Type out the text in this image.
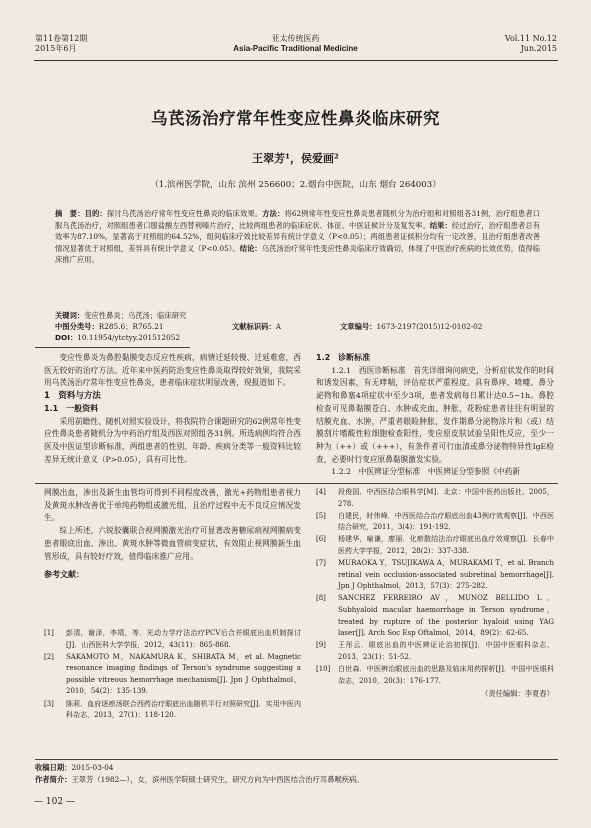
第11卷第12期
2015年6月
亚太传统医药
Asia-Pacific Traditional Medicine
Vol.11 No.12
Jun.2015
乌芪汤治疗常年性变应性鼻炎临床研究
王翠芳¹，侯爱画²
（1.滨州医学院，山东 滨州 256600；2.烟台中医院，山东 烟台 264003）
摘　要：目的：探讨乌芪汤治疗常年性变应性鼻炎的临床效果。方法：将62例常年性变应性鼻炎患者随机分为治疗组和对照组各31例，治疗组患者口服乌芪汤治疗，对照组患者口服盐酸左西替利嗪片治疗，比较两组患者的临床症状、体征、中医证候计分及复发率。结果：经过治疗，治疗组患者总有效率为87.10%，显著高于对照组的64.52%，组间临床疗效比较差异有统计学意义（P<0.05）；两组患者证候积分均有一定改善，且治疗组患者改善情况显著优于对照组，差异具有统计学意义（P<0.05）。结论：乌芪汤治疗常年性变应性鼻炎临床疗效确切，体现了中医治疗疾病的长效优势，值得临床推广应用。
关键词：变应性鼻炎；乌芪汤；临床研究
中图分类号：R285.6；R765.21	文献标识码：A	文章编号：1673-2197(2015)12-0102-02
DOI：10.11954/ytctyy.201512052

变应性鼻炎为鼻腔黏膜变态反应性疾病，病情迁延较慢、迁延难愈，西医无较好的治疗方法。近年来中医药防治变应性鼻炎取得较好效果，我院采用乌芪汤治疗常年性变应性鼻炎，患者临床症状明显改善，现报道如下。

1　资料与方法

1.1　一般资料

采用前瞻性、随机对照实验设计，将我院符合课题研究的62例常年性变应性鼻炎患者随机分为中药治疗组及西医对照组各31例。所选病例均符合西医及中医证型诊断标准，两组患者的性别、年龄、疾病分类等一般资料比较差异无统计意义（P>0.05），具有可比性。

1.2　诊断标准

1.2.1　西医诊断标准　首先详细询问病史，分析症状发作的时间和诱发因素，有无哮喘，评估症状严重程度。具有鼻痒、喷嚏、鼻分泌物和鼻塞4项症状中至少3项，患者发病每日累计达0.5~1h。鼻腔检查可见鼻黏膜苍白、水肿或充血、肿胀，花粉症患者往往有明显的结膜充血、水肿，严重者眼睑肿胀，发作期鼻分泌物涂片和（或）结膜刮片嗜酸性粒细胞检查阳性，变应原皮肤试验呈阳性反应，至少一种为（++）或（+++），有条件者可行血清或鼻分泌物特异性IgE检查，必要时行变应原鼻黏膜激发实验。

1.2.2　中医辨证分型标准　中医辨证分型参照《中药新

网膜出血，渗出及新生血管均可得到不同程度改善，激光+药物组患者视力及黄斑水肿改善优于单纯药物组或激光组，且治疗过程中无不良反应情况发生。

综上所述，六锐胶囊联合视网膜激光治疗可显著改善糖尿病视网膜病变患者眼底出血、渗出、黄斑水肿等微血管病变症状，有效阻止视网膜新生血管形成，具有较好疗效，值得临床推广应用。

参考文献：

[1]	彭清，谢泽，李靖，等．光动力学疗法治疗PCV后合并眼底出血机制探讨[J]．山西医科大学学报，2012，43(11)：865-868.
[2]	SAKAMOTO M，NAKAMURA K，SHIBATA M，et al. Magnetic resonance imaging findings of Terson's syndrome suggesting a possible vitreous hemorrhage mechanism[J]. Jpn J Ophthalmol，2010，54(2)：135-139.
[3]	陈莉．血府逐瘀汤联合西药治疗眼底出血随机平行对照研究[J]．实用中医内科杂志，2013，27(1)：118-120.
[4]	段俊国．中西医结合眼科学[M]．北京：中国中医药出版社，2005，278.
[5]	白建民，时伟峰．中西医结合治疗眼底出血43例疗效观察[J]．中西医结合研究，2011，3(4)：191-192.
[6]	杨建华，喻谦，廖丽．化瘀散结法治疗眼底出血疗效观察[J]．长春中医药大学学报，2012，28(2)：337-338.
[7]	MURAOKA Y，TSUJIKAWA A，MURAKAMI T，et al. Branch retinal vein occlusion-associated subretinal hemorrhage[J]. Jpn J Ophthalmol，2013，57(3)：275-282.
[8]	SANCHEZ FERREIRO AV，MUNOZ BELLIDO L．Subhyaloid macular haemorrhage in Terson syndrome，treated by rupture of the posterior hyaloid using YAG laser[J]. Arch Soc Esp Oftalmol，2014，89(2)：62-65.
[9]	王彤云．眼底出血的中医辨证论治初探[J]．中国中医眼科杂志，2013，23(1)：51-52.
[10]	白世森．中医辨治眼底出血的思路及临床用药探析[J]．中国中医眼科杂志，2010，20(3)：176-177.
（责任编辑：李夏春）
收稿日期：2015-03-04
作者简介：王翠芳（1982—），女，滨州医学院硕士研究生，研究方向为中西医结合治疗耳鼻喉疾病。
— 102 —
